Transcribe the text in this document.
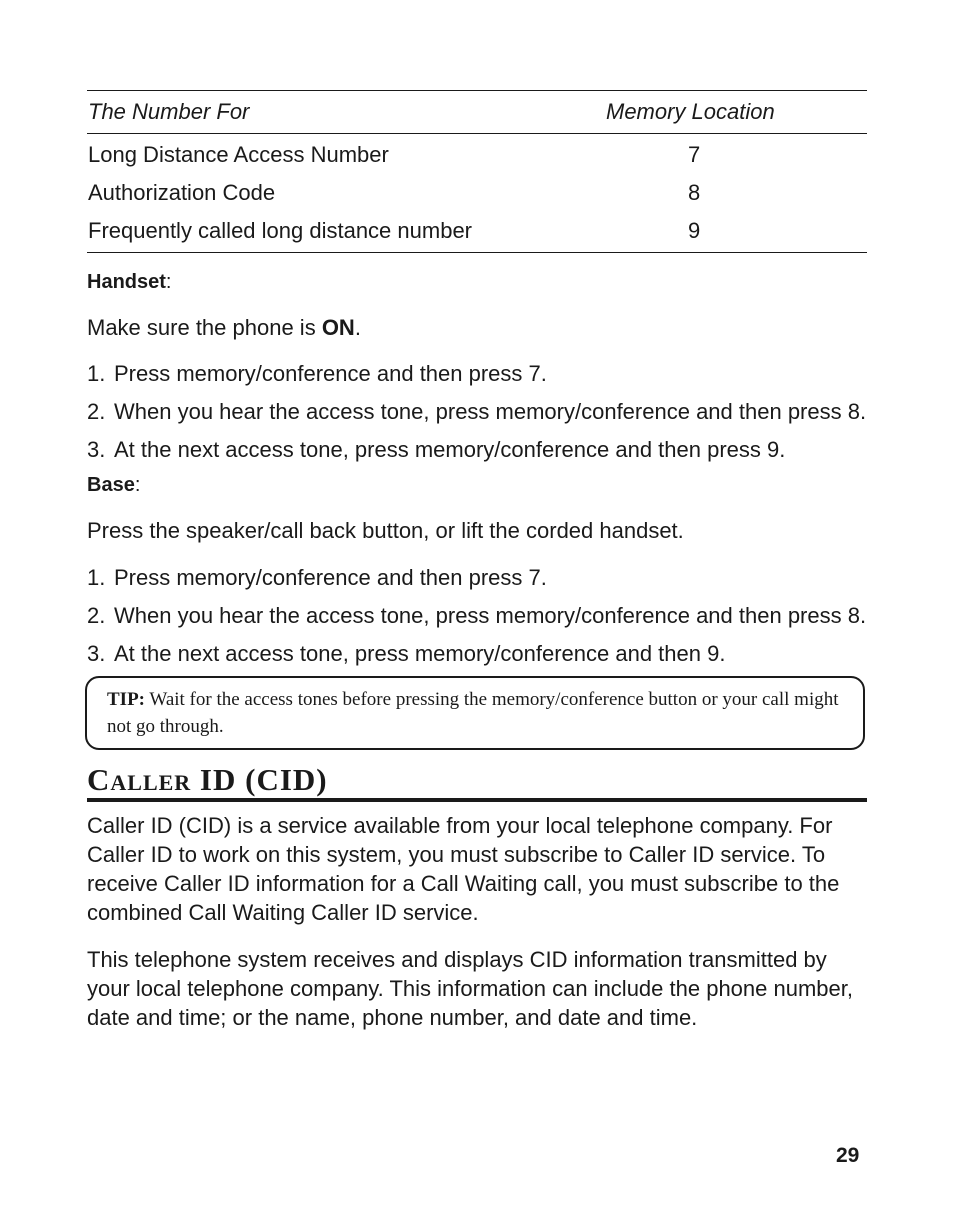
The Number For	Memory Location
Long Distance Access Number	7
Authorization Code	8
Frequently called long distance number	9
Handset:

Make sure the phone is ON.

1. Press memory/conference and then press 7.
2. When you hear the access tone, press memory/conference and then press 8.
3. At the next access tone, press memory/conference and then press 9.
Base:

Press the speaker/call back button, or lift the corded handset.

1. Press memory/conference and then press 7.
2. When you hear the access tone, press memory/conference and then press 8.
3. At the next access tone, press memory/conference and then 9.
TIP: Wait for the access tones before pressing the memory/conference button or your call might not go through.
Caller ID (CID)

Caller ID (CID) is a service available from your local telephone company. For Caller ID to work on this system, you must subscribe to Caller ID service. To receive Caller ID information for a Call Waiting call, you must subscribe to the combined Call Waiting Caller ID service.

This telephone system receives and displays CID information transmitted by your local telephone company. This information can include the phone number, date and time; or the name, phone number, and date and time.

29
